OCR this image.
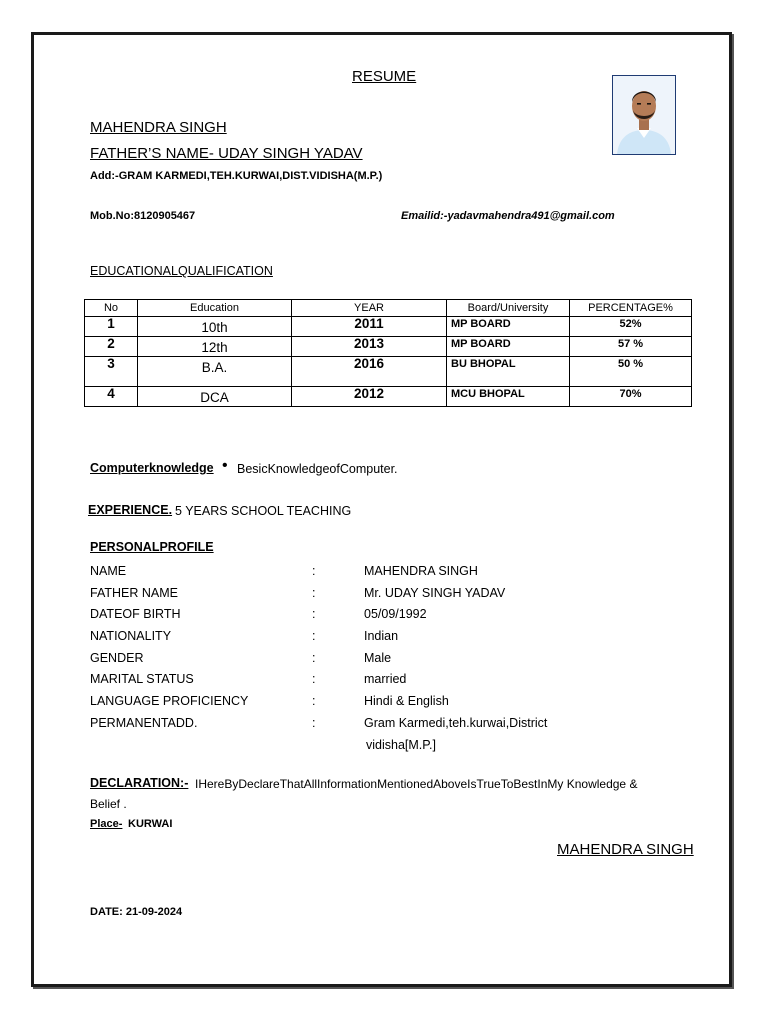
RESUME
MAHENDRA SINGH
FATHER’S NAME- UDAY SINGH YADAV
Add:-GRAM KARMEDI,TEH.KURWAI,DIST.VIDISHA(M.P.)
Mob.No:8120905467	Emailid:-yadavmahendra491@gmail.com
EDUCATIONALQUALIFICATION
No	Education	YEAR	Board/University	PERCENTAGE%
1	10th	2011	MP BOARD	52%
2	12th	2013	MP BOARD	57 %
3	B.A.	2016	BU BHOPAL	50 %
4	DCA	2012	MCU BHOPAL	70%
Computerknowledge • BesicKnowledgeofComputer.
EXPERIENCE. 5 YEARS SCHOOL TEACHING
PERSONALPROFILE
NAME	:	MAHENDRA SINGH
FATHER NAME	:	Mr. UDAY SINGH YADAV
DATEOF BIRTH	:	05/09/1992
NATIONALITY	:	Indian
GENDER	:	Male
MARITAL STATUS	:	married
LANGUAGE PROFICIENCY	:	Hindi & English
PERMANENTADD.	:	Gram Karmedi,teh.kurwai,District
vidisha[M.P.]
DECLARATION:- IHereByDeclareThatAllInformationMentionedAboveIsTrueToBestInMy Knowledge &
Belief .
Place- KURWAI
MAHENDRA SINGH
DATE: 21-09-2024
